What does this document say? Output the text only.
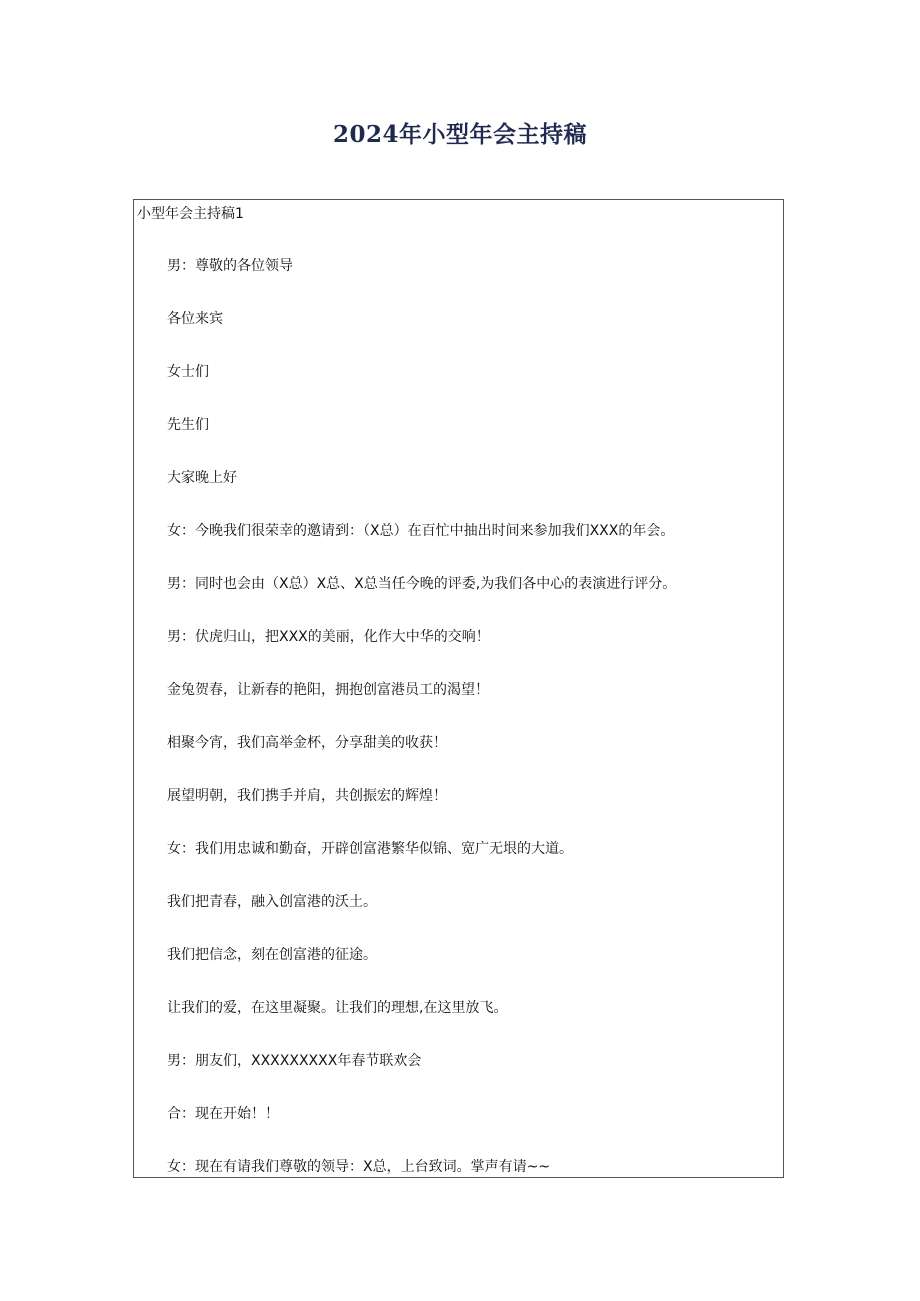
2024年小型年会主持稿
小型年会主持稿1
男：尊敬的各位领导
各位来宾
女士们
先生们
大家晚上好
女：今晚我们很荣幸的邀请到：（X总）在百忙中抽出时间来参加我们XXX的年会。
男：同时也会由（X总）X总、X总当任今晚的评委,为我们各中心的表演进行评分。
男：伏虎归山，把XXX的美丽，化作大中华的交响！
金兔贺春，让新春的艳阳，拥抱创富港员工的渴望！
相聚今宵，我们高举金杯，分享甜美的收获！
展望明朝，我们携手并肩，共创振宏的辉煌！
女：我们用忠诚和勤奋，开辟创富港繁华似锦、宽广无垠的大道。
我们把青春，融入创富港的沃土。
我们把信念，刻在创富港的征途。
让我们的爱，在这里凝聚。让我们的理想,在这里放飞。
男：朋友们，XXXXXXXXX年春节联欢会
合：现在开始！！
女：现在有请我们尊敬的领导：X总，上台致词。掌声有请~~
